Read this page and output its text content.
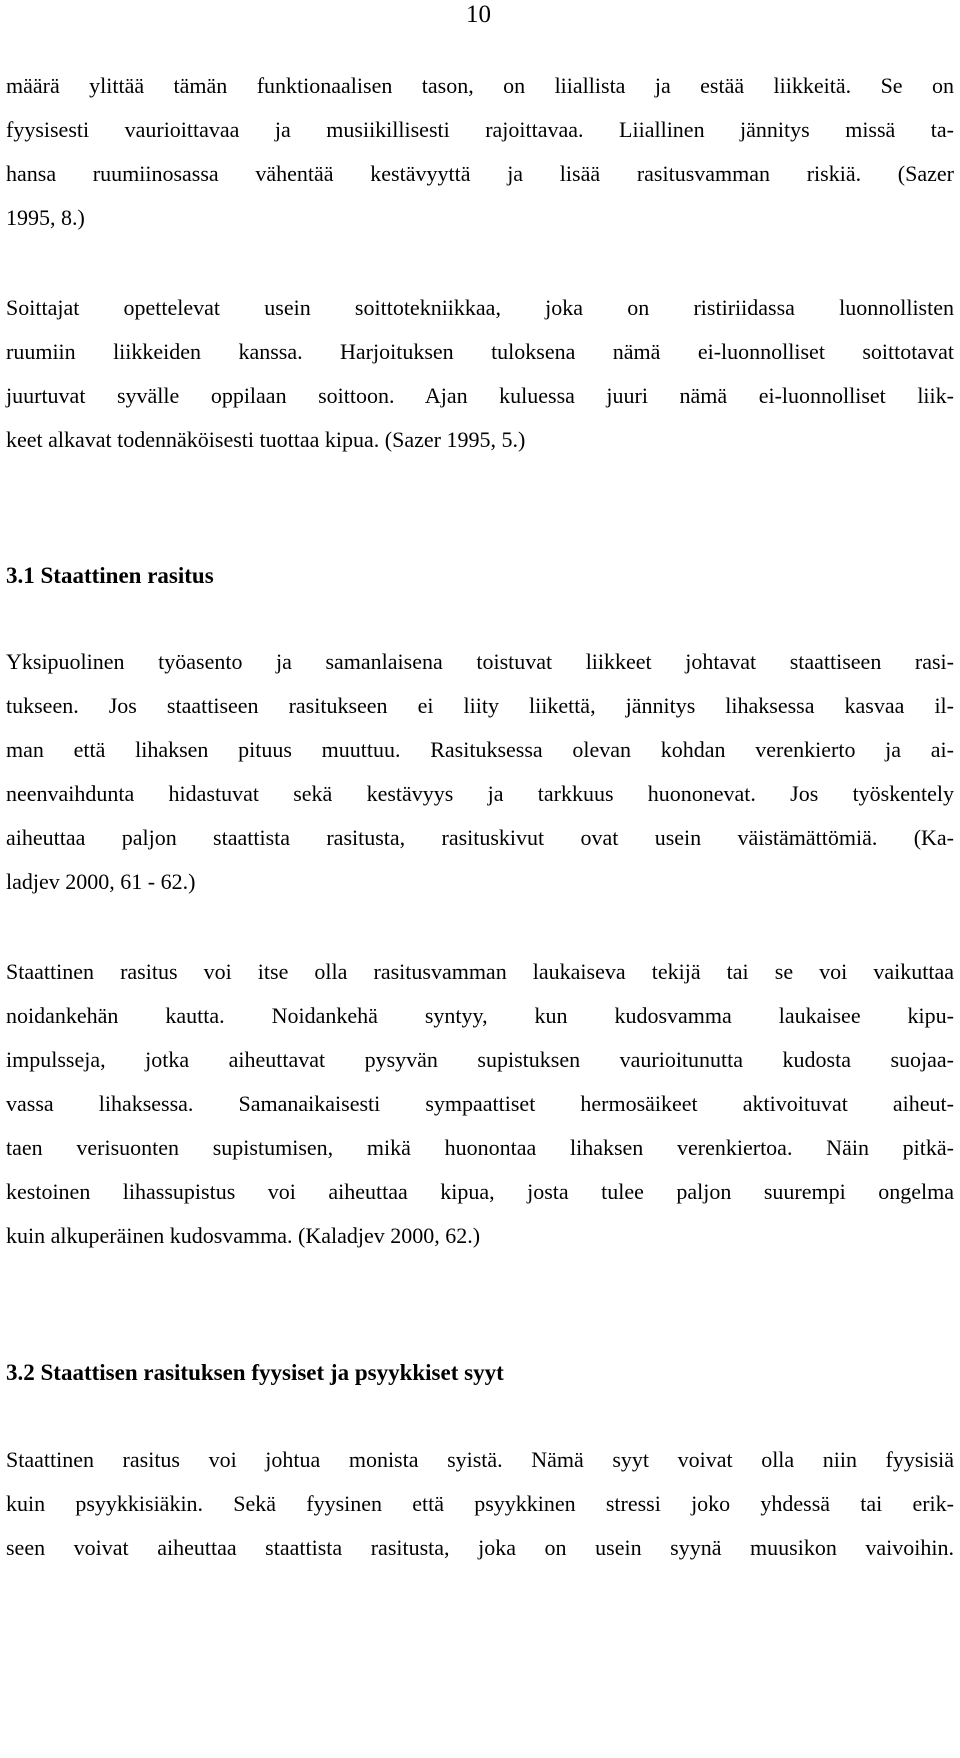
10
määrä ylittää tämän funktionaalisen tason, on liiallista ja estää liikkeitä. Se on
fyysisesti vaurioittavaa ja musiikillisesti rajoittavaa. Liiallinen jännitys missä ta-
hansa ruumiinosassa vähentää kestävyyttä ja lisää rasitusvamman riskiä. (Sazer
1995, 8.)
Soittajat opettelevat usein soittotekniikkaa, joka on ristiriidassa luonnollisten
ruumiin liikkeiden kanssa. Harjoituksen tuloksena nämä ei-luonnolliset soittotavat
juurtuvat syvälle oppilaan soittoon. Ajan kuluessa juuri nämä ei-luonnolliset liik-
keet alkavat todennäköisesti tuottaa kipua. (Sazer 1995, 5.)
3.1 Staattinen rasitus
Yksipuolinen työasento ja samanlaisena toistuvat liikkeet johtavat staattiseen rasi-
tukseen. Jos staattiseen rasitukseen ei liity liikettä, jännitys lihaksessa kasvaa il-
man että lihaksen pituus muuttuu. Rasituksessa olevan kohdan verenkierto ja ai-
neenvaihdunta hidastuvat sekä kestävyys ja tarkkuus huononevat. Jos työskentely
aiheuttaa paljon staattista rasitusta, rasituskivut ovat usein väistämättömiä. (Ka-
ladjev 2000, 61 - 62.)
Staattinen rasitus voi itse olla rasitusvamman laukaiseva tekijä tai se voi vaikuttaa
noidankehän kautta. Noidankehä syntyy, kun kudosvamma laukaisee kipu-
impulsseja, jotka aiheuttavat pysyvän supistuksen vaurioitunutta kudosta suojaa-
vassa lihaksessa. Samanaikaisesti sympaattiset hermosäikeet aktivoituvat aiheut-
taen verisuonten supistumisen, mikä huonontaa lihaksen verenkiertoa. Näin pitkä-
kestoinen lihassupistus voi aiheuttaa kipua, josta tulee paljon suurempi ongelma
kuin alkuperäinen kudosvamma. (Kaladjev 2000, 62.)
3.2 Staattisen rasituksen fyysiset ja psyykkiset syyt
Staattinen rasitus voi johtua monista syistä. Nämä syyt voivat olla niin fyysisiä
kuin psyykkisiäkin. Sekä fyysinen että psyykkinen stressi joko yhdessä tai erik-
seen voivat aiheuttaa staattista rasitusta, joka on usein syynä muusikon vaivoihin.
